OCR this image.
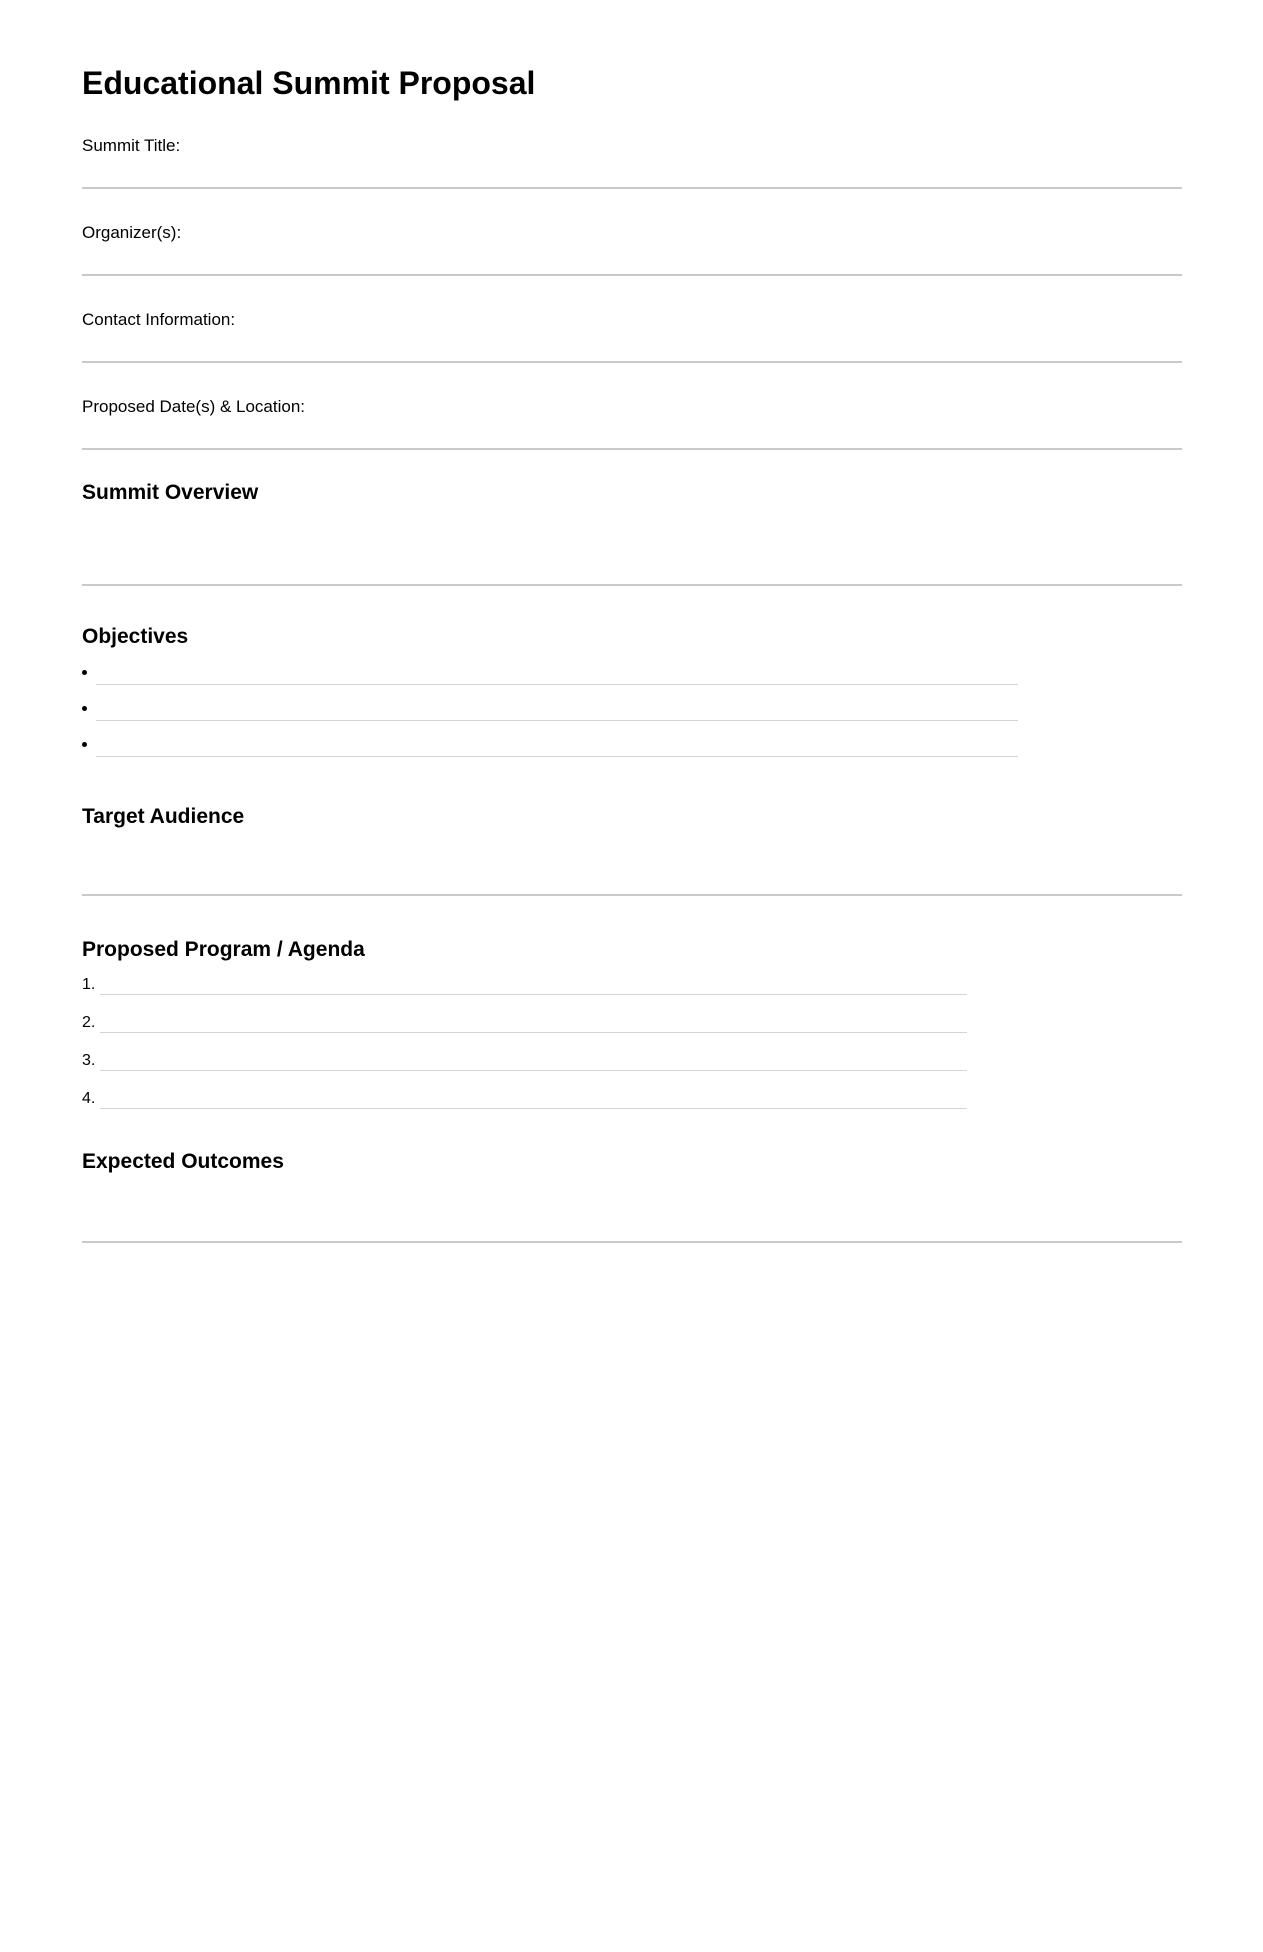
Educational Summit Proposal
Summit Title:
Organizer(s):
Contact Information:
Proposed Date(s) & Location:
Summit Overview
Objectives
Target Audience
Proposed Program / Agenda
1.
2.
3.
4.
Expected Outcomes
